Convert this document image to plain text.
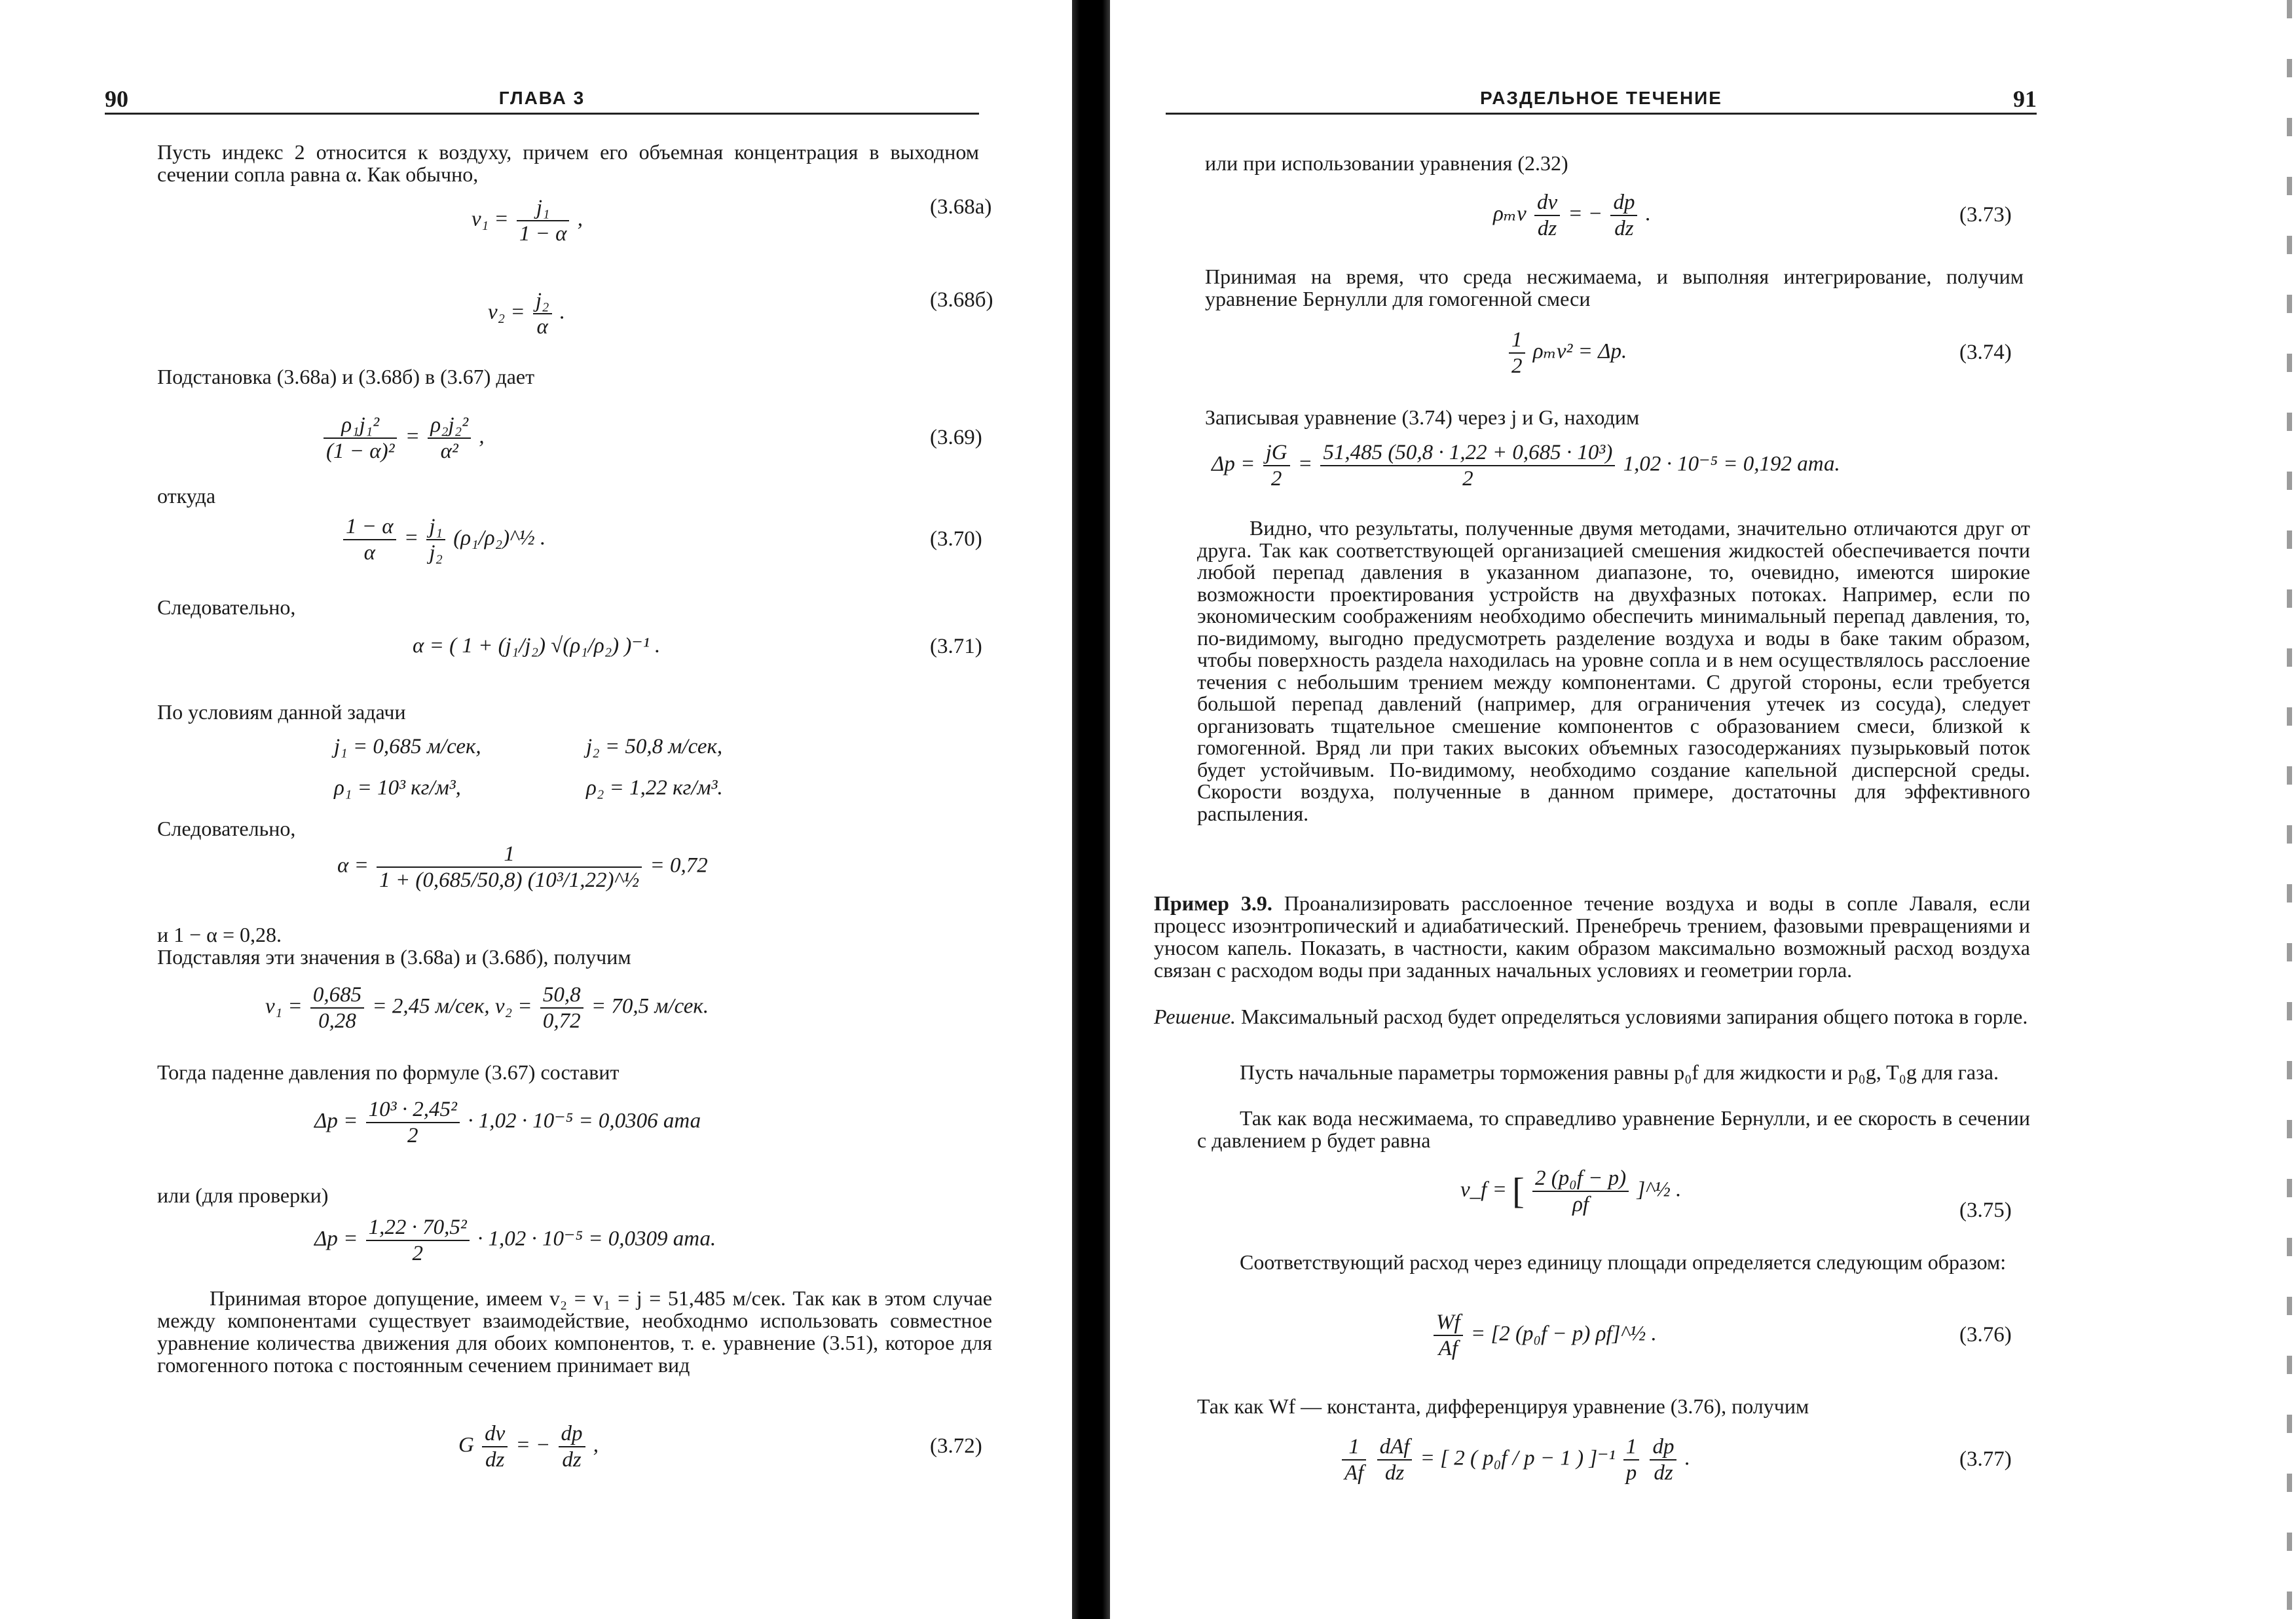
90	ГЛАВА 3
Пусть индекс 2 относится к воздуху, причем его объемная концентрация в выходном сечении сопла равна α. Как обычно,
$v_1 = \frac{\text{j₁}}{1 - \alpha}$ ,
(3.68а)
$v_2 = \frac{\text{j₂}}{\alpha}$ .
(3.68б)
Подстановка (3.68а) и (3.68б) в (3.67) дает
$\frac{\text{ρ₁j₁²}}{\text{(1 − α)²}} = \frac{\text{ρ₂j₂²}}{\text{α²}}$ ,	(3.69)
откуда
$\frac{1 - \alpha}{\alpha} = \frac{\text{j₁}}{\text{j₂}}$ (ρ₁/ρ₂)^½ .	(3.70)
Следовательно,
α = ( 1 + (j₁/j₂) √(ρ₁/ρ₂) )⁻¹ .	(3.71)
По условиям данной задачи
j₁ = 0,685 м/сек,	j₂ = 50,8 м/сек,
ρ₁ = 10³ кг/м³,	ρ₂ = 1,22 кг/м³.
Следовательно,
$\alpha = \frac{1}{\text{1 + (0,685/50,8) (10³/1,22)\textasciicircum{}½}} = 0,72$
и 1 − α = 0,28.
Подставляя эти значения в (3.68а) и (3.68б), получим
$v_1 = \frac{0,685}{0,28} = 2,45$ м/сек, $v_2 = \frac{50,8}{0,72} = 70,5$ м/сек.
Тогда паденне давления по формуле (3.67) составит
$\Delta p = \frac{\text{10³ · 2,45²}}{2} \cdot 1,02 \cdot 10^{-5} = 0,0306$ ата
или (для проверки)
$\Delta p = \frac{\text{1,22 · 70,5²}}{2} \cdot 1,02 \cdot 10^{-5} = 0,0309$ ата.
Принимая второе допущение, имеем v₂ = v₁ = j = 51,485 м/сек. Так как в этом случае между компонентами существует взаимодействие, необходнмо использовать совместное уравнение количества движения для обоих компонентов, т. е. уравнение (3.51), которое для гомогенного потока с постоянным сечением принимает вид
G $\frac{dv}{dz}$ = − $\frac{dp}{dz}$ ,	(3.72)
РАЗДЕЛЬНОЕ ТЕЧЕНИЕ	91
или при использовании уравнения (2.32)
ρₘv $\frac{dv}{dz}$ = − $\frac{dp}{dz}$ .	(3.73)
Принимая на время, что среда несжимаема, и выполняя интегрирование, получим уравнение Бернулли для гомогенной смеси
$\frac{1}{2} \rho_mv^2 = \Delta p$.	(3.74)
Записывая уравнение (3.74) через j и G, находим
$\Delta p = \frac{jG}{2} = \frac{\text{51,485 (50,8 · 1,22 + 0,685 · 10³)}}{2} 1,02 \cdot 10^{-5} = 0,192$ ата.
Видно, что результаты, полученные двумя методами, значительно отличаются друг от друга. Так как соответствующей организацией смешения жидкостей обеспечивается почти любой перепад давления в указанном диапазоне, то, очевидно, имеются широкие возможности проектирования устройств на двухфазных потоках. Например, если по экономическим соображениям необходимо обеспечить минимальный перепад давления, то, по-видимому, выгодно предусмотреть разделение воздуха и воды в баке таким образом, чтобы поверхность раздела находилась на уровне сопла и в нем осуществлялось расслоение течения с небольшим трением между компонентами. С другой стороны, если требуется большой перепад давлений (например, для ограничения утечек из сосуда), следует организовать тщательное смешение компонентов с образованием смеси, близкой к гомогенной. Вряд ли при таких высоких объемных газосодержаниях пузырьковый поток будет устойчивым. По-видимому, необходимо создание капельной дисперсной среды. Скорости воздуха, полученные в данном примере, достаточны для эффективного распыления.
Пример 3.9. Проанализировать расслоенное течение воздуха и воды в сопле Лаваля, если процесс изоэнтропический и адиабатический. Пренебречь трением, фазовыми превращениями и уносом капель. Показать, в частности, каким образом максимально возможный расход воздуха связан с расходом воды при заданных начальных условиях и геометрии горла.
Решение. Максимальный расход будет определяться условиями запирания общего потока в горле.
Пусть начальные параметры торможения равны p₀f для жидкости и p₀g, T₀g для газа.
Так как вода несжимаема, то справедливо уравнение Бернулли, и ее скорость в сечении с давлением p будет равна
v_f = [ $\frac{\text{2 (p₀f − p)}}{\rho f}$ ]^½ .
(3.75)
Соответствующий расход через единицу площади определяется следующим образом:
$\frac{Wf}{Af} = [2$ (p₀f − p) ρf]^½ .	(3.76)
Так как Wf — константа, дифференцируя уравнение (3.76), получим
$\frac{1}{Af}$
$\frac{\text{dAf}}{dz}$ = [ 2 ( p₀f / p − 1 ) ]$^{-1} \frac{1}{p}$
$\frac{dp}{dz}$ .	(3.77)
